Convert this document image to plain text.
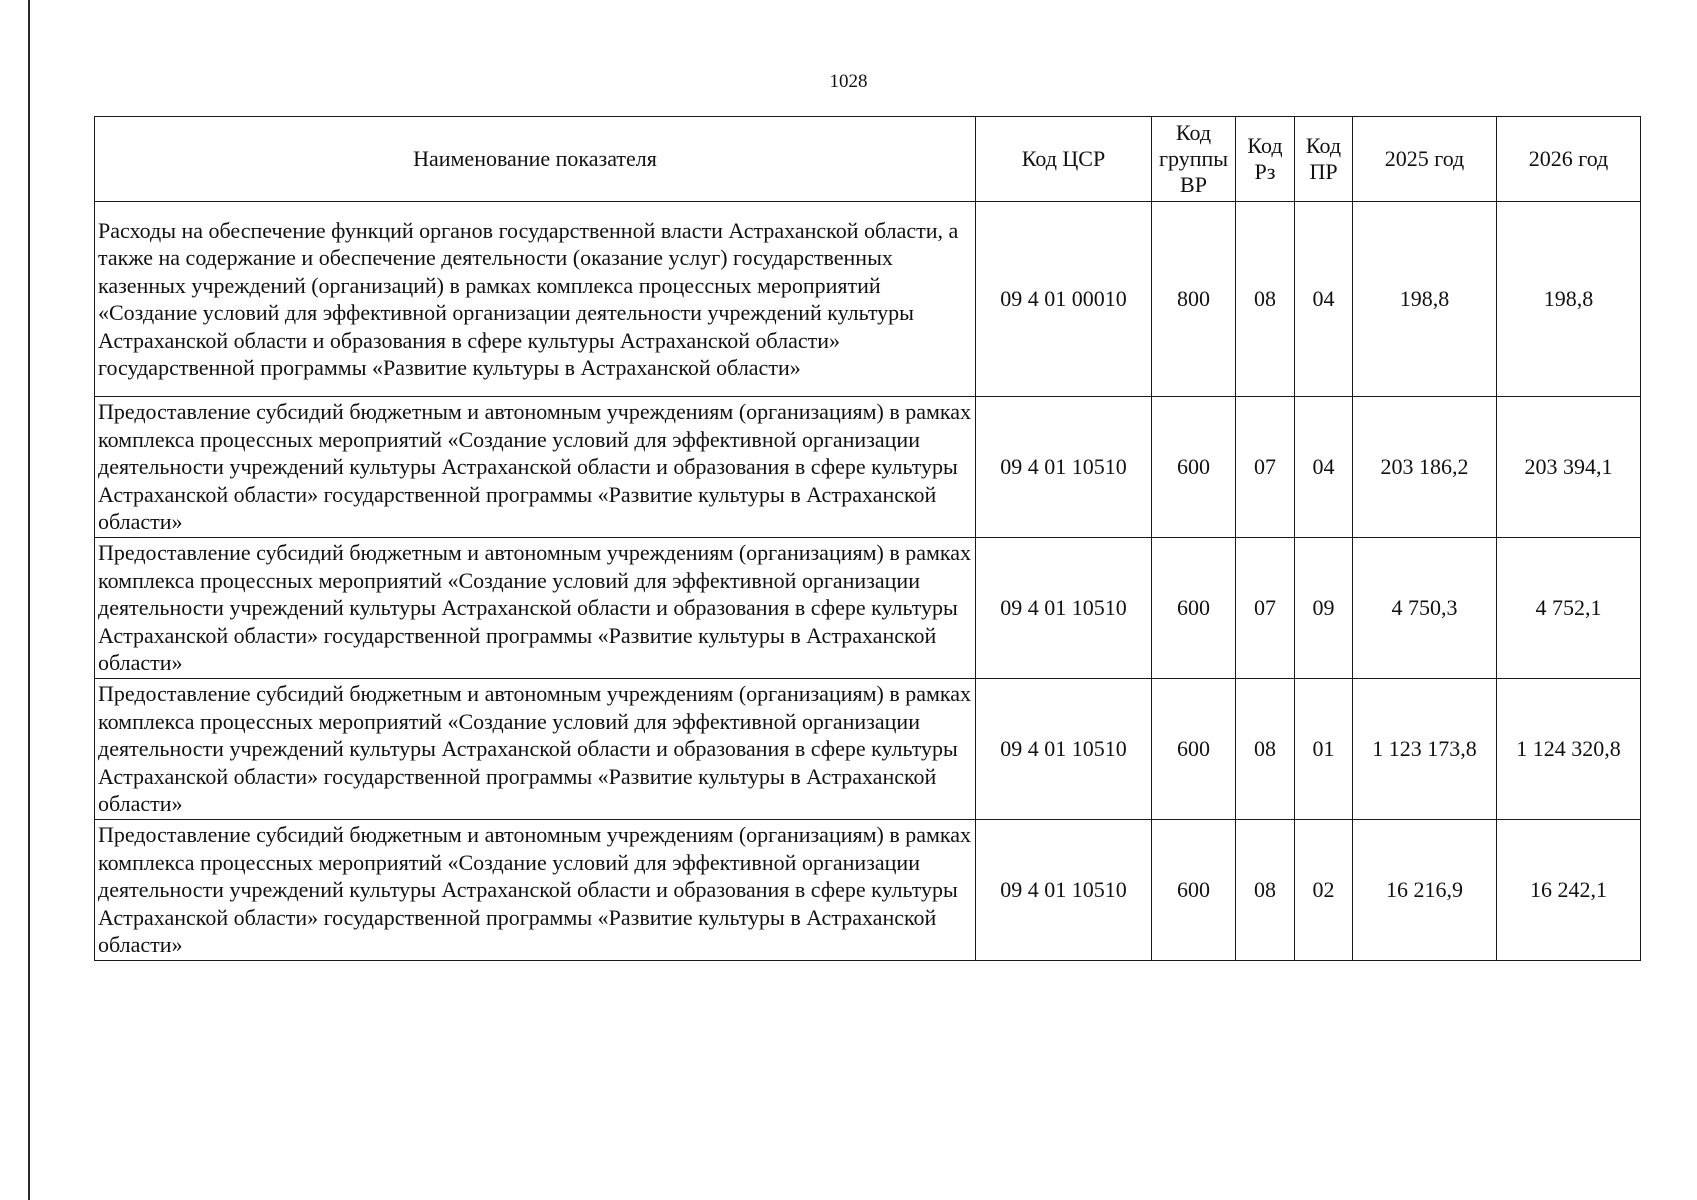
1028
Наименование показателя	Код ЦСР	Код группы ВР	Код Рз	Код ПР	2025 год	2026 год
Расходы на обеспечение функций органов государственной власти Астраханской области, а также на содержание и обеспечение деятельности (оказание услуг) государственных казенных учреждений (организаций) в рамках комплекса процессных мероприятий «Создание условий для эффективной организации деятельности учреждений культуры Астраханской области и образования в сфере культуры Астраханской области» государственной программы «Развитие культуры в Астраханской области»	09 4 01 00010	800	08	04	198,8	198,8
Предоставление субсидий бюджетным и автономным учреждениям (организациям) в рамках комплекса процессных мероприятий «Создание условий для эффективной организации деятельности учреждений культуры Астраханской области и образования в сфере культуры Астраханской области» государственной программы «Развитие культуры в Астраханской области»	09 4 01 10510	600	07	04	203 186,2	203 394,1
Предоставление субсидий бюджетным и автономным учреждениям (организациям) в рамках комплекса процессных мероприятий «Создание условий для эффективной организации деятельности учреждений культуры Астраханской области и образования в сфере культуры Астраханской области» государственной программы «Развитие культуры в Астраханской области»	09 4 01 10510	600	07	09	4 750,3	4 752,1
Предоставление субсидий бюджетным и автономным учреждениям (организациям) в рамках комплекса процессных мероприятий «Создание условий для эффективной организации деятельности учреждений культуры Астраханской области и образования в сфере культуры Астраханской области» государственной программы «Развитие культуры в Астраханской области»	09 4 01 10510	600	08	01	1 123 173,8	1 124 320,8
Предоставление субсидий бюджетным и автономным учреждениям (организациям) в рамках комплекса процессных мероприятий «Создание условий для эффективной организации деятельности учреждений культуры Астраханской области и образования в сфере культуры Астраханской области» государственной программы «Развитие культуры в Астраханской области»	09 4 01 10510	600	08	02	16 216,9	16 242,1
